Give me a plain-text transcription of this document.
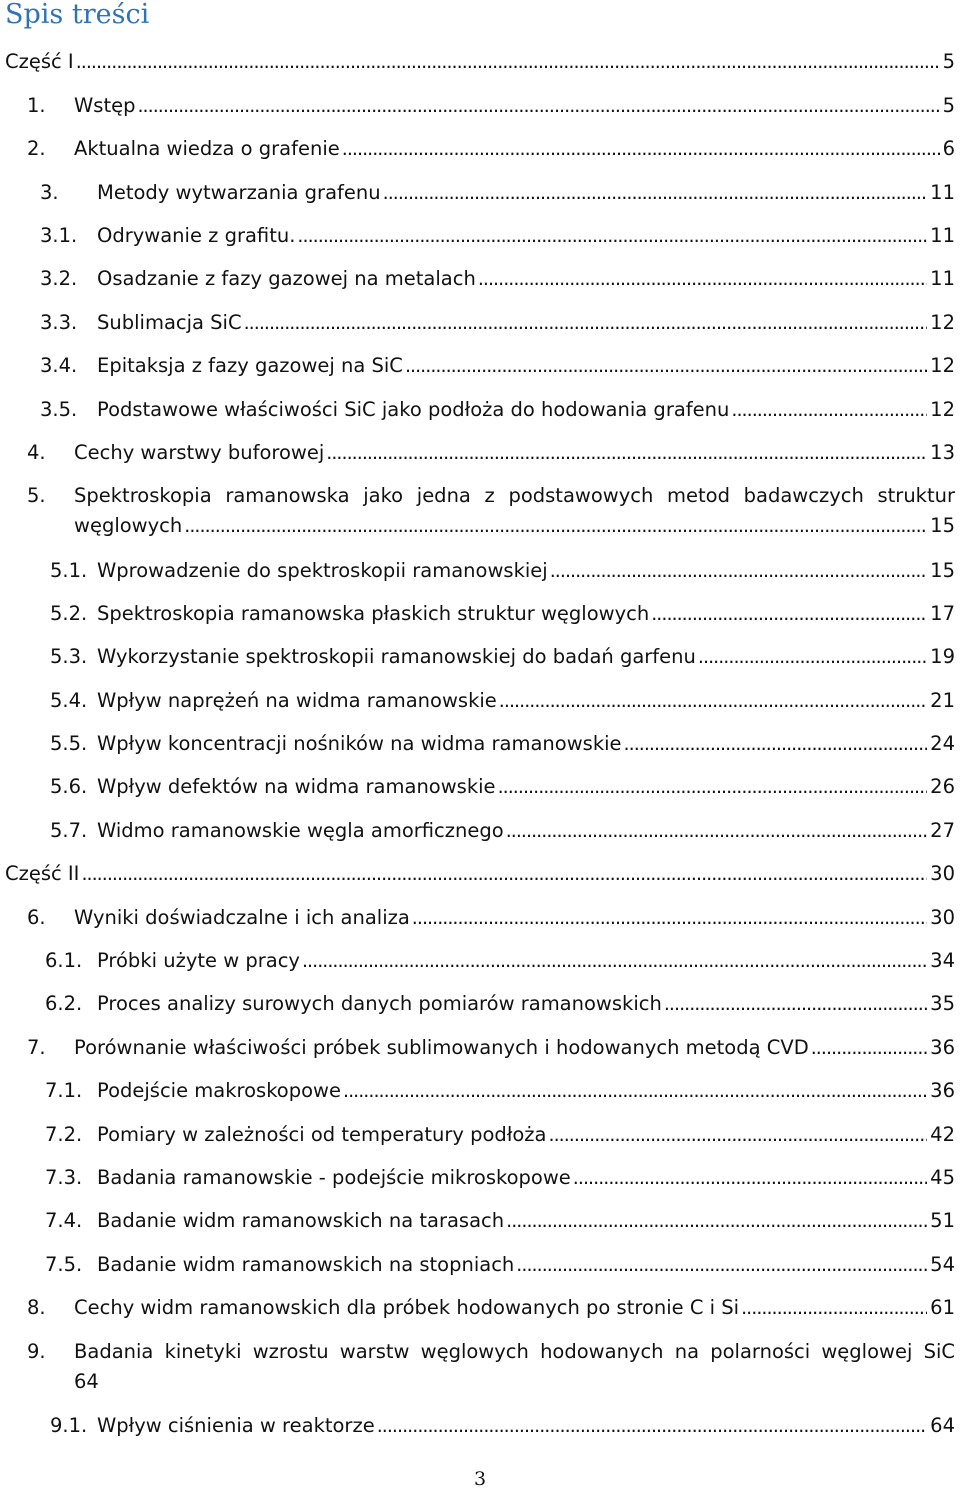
Spis treści
Część I . . .	5
1.	Wstęp . . .	5
2.	Aktualna wiedza o grafenie . . .	6
3.	Metody wytwarzania grafenu . . .	11
3.1.	Odrywanie z grafitu. . . .	11
3.2.	Osadzanie z fazy gazowej na metalach . . .	11
3.3.	Sublimacja SiC . . .	12
3.4.	Epitaksja z fazy gazowej na SiC . . .	12
3.5.	Podstawowe właściwości SiC jako podłoża do hodowania grafenu . . .	12
4.	Cechy warstwy buforowej . . .	13
5.	Spektroskopia ramanowska jako jedna z podstawowych metod badawczych struktur
węglowych . . .	15
5.1. Wprowadzenie do spektroskopii ramanowskiej . . .	15
5.2. Spektroskopia ramanowska płaskich struktur węglowych . . .	17
5.3. Wykorzystanie spektroskopii ramanowskiej do badań garfenu . . .	19
5.4. Wpływ naprężeń na widma ramanowskie . . .	21
5.5. Wpływ koncentracji nośników na widma ramanowskie . . .	24
5.6. Wpływ defektów na widma ramanowskie . . .	26
5.7. Widmo ramanowskie węgla amorficznego . . .	27
Część II . . .	30
6.	Wyniki doświadczalne i ich analiza . . .	30
6.1. Próbki użyte w pracy . . .	34
6.2. Proces analizy surowych danych pomiarów ramanowskich . . .	35
7.	Porównanie właściwości próbek sublimowanych i hodowanych metodą CVD . . .	36
7.1. Podejście makroskopowe . . .	36
7.2. Pomiary w zależności od temperatury podłoża . . .	42
7.3. Badania ramanowskie - podejście mikroskopowe . . .	45
7.4. Badanie widm ramanowskich na tarasach . . .	51
7.5. Badanie widm ramanowskich na stopniach . . .	54
8.	Cechy widm ramanowskich dla próbek hodowanych po stronie C i Si . . .	61
9.	Badania kinetyki wzrostu warstw węglowych hodowanych na polarności węglowej SiC
64
9.1. Wpływ ciśnienia w reaktorze . . .	64
3
